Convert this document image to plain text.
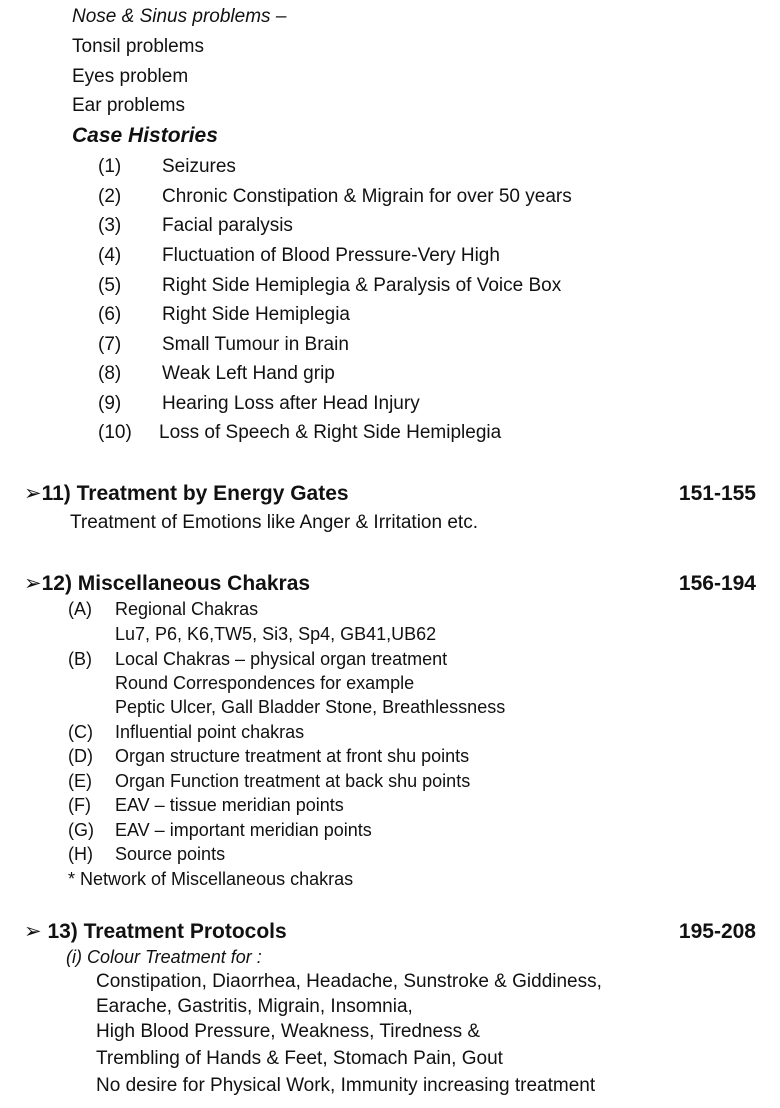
Nose & Sinus problems –
Tonsil problems
Eyes problem
Ear problems
Case Histories
(1) Seizures
(2) Chronic Constipation & Migrain for over 50 years
(3) Facial paralysis
(4) Fluctuation of Blood Pressure-Very High
(5) Right Side Hemiplegia & Paralysis of Voice Box
(6) Right Side Hemiplegia
(7) Small Tumour in Brain
(8) Weak Left Hand grip
(9) Hearing Loss after Head Injury
(10) Loss of Speech & Right Side Hemiplegia
➢11) Treatment by Energy Gates	151-155
Treatment of Emotions like Anger & Irritation etc.
➢12) Miscellaneous Chakras	156-194
(A) Regional Chakras
Lu7, P6, K6,TW5, Si3, Sp4, GB41,UB62
(B) Local Chakras – physical organ treatment
Round Correspondences for example
Peptic Ulcer, Gall Bladder Stone, Breathlessness
(C) Influential point chakras
(D) Organ structure treatment at front shu points
(E) Organ Function treatment at back shu points
(F) EAV – tissue meridian points
(G) EAV – important meridian points
(H) Source points
* Network of Miscellaneous chakras
➢ 13) Treatment Protocols	195-208
(i) Colour Treatment for :
Constipation, Diaorrhea, Headache, Sunstroke & Giddiness,
Earache, Gastritis, Migrain, Insomnia,
High Blood Pressure, Weakness, Tiredness &
Trembling of Hands & Feet, Stomach Pain, Gout
No desire for Physical Work, Immunity increasing treatment
